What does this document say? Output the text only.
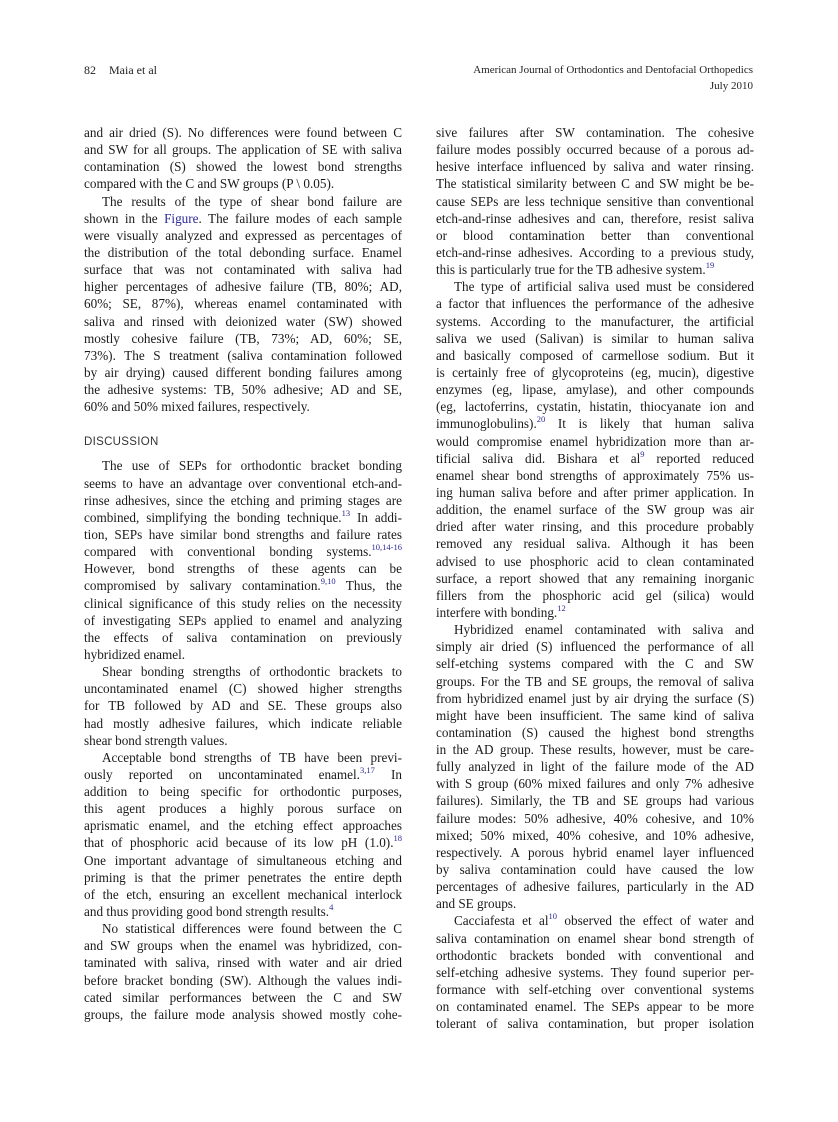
82 Maia et al	American Journal of Orthodontics and Dentofacial Orthopedics
July 2010
and air dried (S). No differences were found between C
and SW for all groups. The application of SE with saliva
contamination (S) showed the lowest bond strengths
compared with the C and SW groups (P \ 0.05).
The results of the type of shear bond failure are
shown in the Figure. The failure modes of each sample
were visually analyzed and expressed as percentages of
the distribution of the total debonding surface. Enamel
surface that was not contaminated with saliva had
higher percentages of adhesive failure (TB, 80%; AD,
60%; SE, 87%), whereas enamel contaminated with
saliva and rinsed with deionized water (SW) showed
mostly cohesive failure (TB, 73%; AD, 60%; SE,
73%). The S treatment (saliva contamination followed
by air drying) caused different bonding failures among
the adhesive systems: TB, 50% adhesive; AD and SE,
60% and 50% mixed failures, respectively.
DISCUSSION
The use of SEPs for orthodontic bracket bonding
seems to have an advantage over conventional etch-and-
rinse adhesives, since the etching and priming stages are
combined, simplifying the bonding technique.$^{13}$ In addi-
tion, SEPs have similar bond strengths and failure rates
compared with conventional bonding systems.$^{10,14-16}$
However, bond strengths of these agents can be
compromised by salivary contamination.$^{9,10}$ Thus, the
clinical significance of this study relies on the necessity
of investigating SEPs applied to enamel and analyzing
the effects of saliva contamination on previously
hybridized enamel.
Shear bonding strengths of orthodontic brackets to
uncontaminated enamel (C) showed higher strengths
for TB followed by AD and SE. These groups also
had mostly adhesive failures, which indicate reliable
shear bond strength values.
Acceptable bond strengths of TB have been previ-
ously reported on uncontaminated enamel.$^{3,17}$ In
addition to being specific for orthodontic purposes,
this agent produces a highly porous surface on
aprismatic enamel, and the etching effect approaches
that of phosphoric acid because of its low pH (1.0).$^{18}$
One important advantage of simultaneous etching and
priming is that the primer penetrates the entire depth
of the etch, ensuring an excellent mechanical interlock
and thus providing good bond strength results.$^4$
No statistical differences were found between the C
and SW groups when the enamel was hybridized, con-
taminated with saliva, rinsed with water and air dried
before bracket bonding (SW). Although the values indi-
cated similar performances between the C and SW
groups, the failure mode analysis showed mostly cohe-
sive failures after SW contamination. The cohesive
failure modes possibly occurred because of a porous ad-
hesive interface influenced by saliva and water rinsing.
The statistical similarity between C and SW might be be-
cause SEPs are less technique sensitive than conventional
etch-and-rinse adhesives and can, therefore, resist saliva
or blood contamination better than conventional
etch-and-rinse adhesives. According to a previous study,
this is particularly true for the TB adhesive system.$^{19}$
The type of artificial saliva used must be considered
a factor that influences the performance of the adhesive
systems. According to the manufacturer, the artificial
saliva we used (Salivan) is similar to human saliva
and basically composed of carmellose sodium. But it
is certainly free of glycoproteins (eg, mucin), digestive
enzymes (eg, lipase, amylase), and other compounds
(eg, lactoferrins, cystatin, histatin, thiocyanate ion and
immunoglobulins).$^{20}$ It is likely that human saliva
would compromise enamel hybridization more than ar-
tificial saliva did. Bishara et $al^9$ reported reduced
enamel shear bond strengths of approximately 75% us-
ing human saliva before and after primer application. In
addition, the enamel surface of the SW group was air
dried after water rinsing, and this procedure probably
removed any residual saliva. Although it has been
advised to use phosphoric acid to clean contaminated
surface, a report showed that any remaining inorganic
fillers from the phosphoric acid gel (silica) would
interfere with bonding.$^{12}$
Hybridized enamel contaminated with saliva and
simply air dried (S) influenced the performance of all
self-etching systems compared with the C and SW
groups. For the TB and SE groups, the removal of saliva
from hybridized enamel just by air drying the surface (S)
might have been insufficient. The same kind of saliva
contamination (S) caused the highest bond strengths
in the AD group. These results, however, must be care-
fully analyzed in light of the failure mode of the AD
with S group (60% mixed failures and only 7% adhesive
failures). Similarly, the TB and SE groups had various
failure modes: 50% adhesive, 40% cohesive, and 10%
mixed; 50% mixed, 40% cohesive, and 10% adhesive,
respectively. A porous hybrid enamel layer influenced
by saliva contamination could have caused the low
percentages of adhesive failures, particularly in the AD
and SE groups.
Cacciafesta et $al^{10}$ observed the effect of water and
saliva contamination on enamel shear bond strength of
orthodontic brackets bonded with conventional and
self-etching adhesive systems. They found superior per-
formance with self-etching over conventional systems
on contaminated enamel. The SEPs appear to be more
tolerant of saliva contamination, but proper isolation
